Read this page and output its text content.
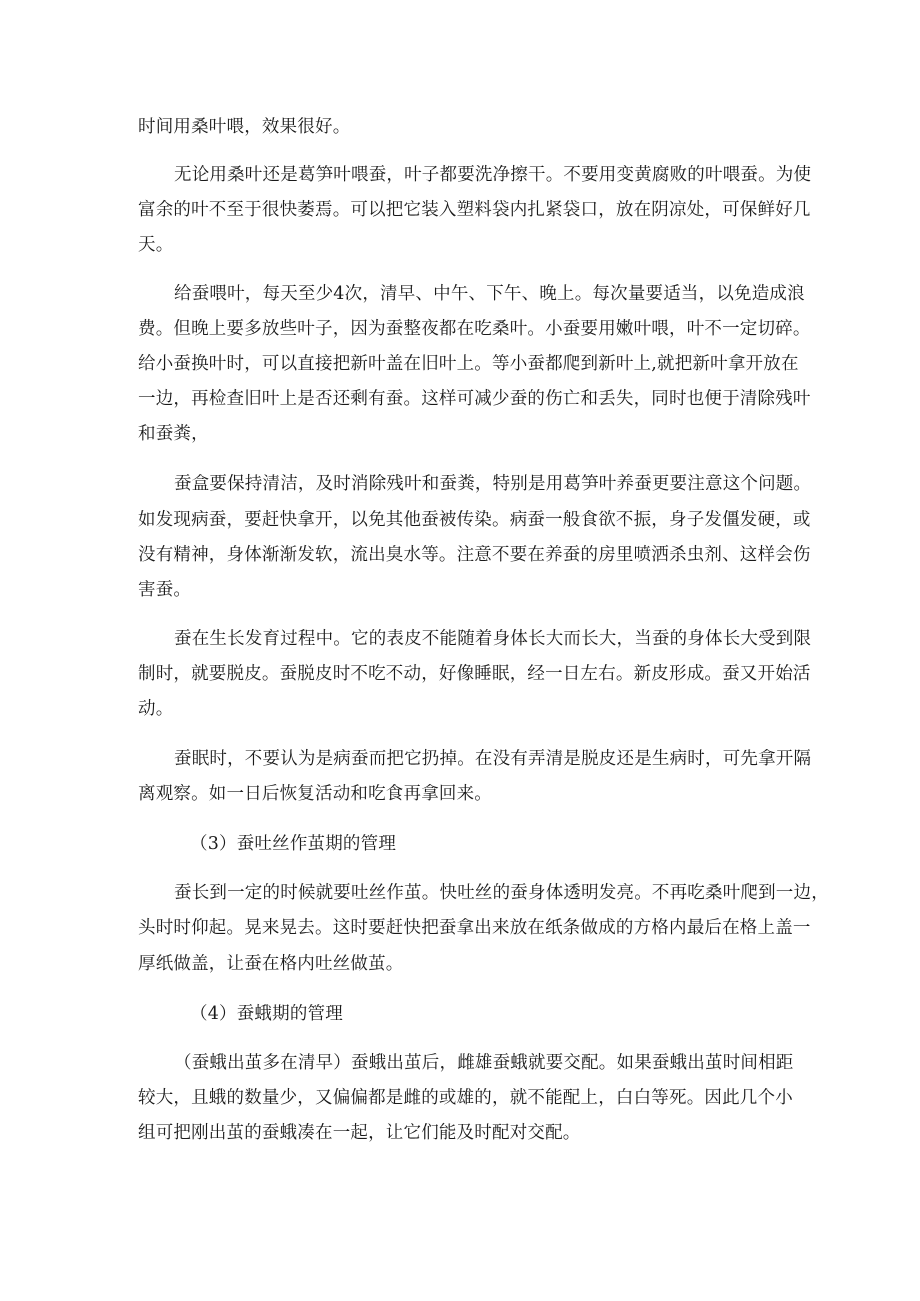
时间用桑叶喂，效果很好。
无论用桑叶还是葛笋叶喂蚕，叶子都要洗净擦干。不要用变黄腐败的叶喂蚕。为使
富余的叶不至于很快萎焉。可以把它装入塑料袋内扎紧袋口，放在阴凉处，可保鲜好几
天。
给蚕喂叶，每天至少4次，清早、中午、下午、晚上。每次量要适当，以免造成浪
费。但晚上要多放些叶子，因为蚕整夜都在吃桑叶。小蚕要用嫩叶喂，叶不一定切碎。
给小蚕换叶时，可以直接把新叶盖在旧叶上。等小蚕都爬到新叶上,就把新叶拿开放在
一边，再检查旧叶上是否还剩有蚕。这样可减少蚕的伤亡和丢失，同时也便于清除残叶
和蚕粪，
蚕盒要保持清洁，及时消除残叶和蚕粪，特别是用葛笋叶养蚕更要注意这个问题。
如发现病蚕，要赶快拿开，以免其他蚕被传染。病蚕一般食欲不振，身子发僵发硬，或
没有精神，身体渐渐发软，流出臭水等。注意不要在养蚕的房里喷洒杀虫剂、这样会伤
害蚕。
蚕在生长发育过程中。它的表皮不能随着身体长大而长大，当蚕的身体长大受到限
制时，就要脱皮。蚕脱皮时不吃不动，好像睡眠，经一日左右。新皮形成。蚕又开始活
动。
蚕眠时，不要认为是病蚕而把它扔掉。在没有弄清是脱皮还是生病时，可先拿开隔
离观察。如一日后恢复活动和吃食再拿回来。
（3）蚕吐丝作茧期的管理
蚕长到一定的时候就要吐丝作茧。快吐丝的蚕身体透明发亮。不再吃桑叶爬到一边，
头时时仰起。晃来晃去。这时要赶快把蚕拿出来放在纸条做成的方格内最后在格上盖一
厚纸做盖，让蚕在格内吐丝做茧。
（4）蚕蛾期的管理
（蚕蛾出茧多在清早）蚕蛾出茧后，雌雄蚕蛾就要交配。如果蚕蛾出茧时间相距
较大，且蛾的数量少，又偏偏都是雌的或雄的，就不能配上，白白等死。因此几个小
组可把刚出茧的蚕蛾凑在一起，让它们能及时配对交配。
